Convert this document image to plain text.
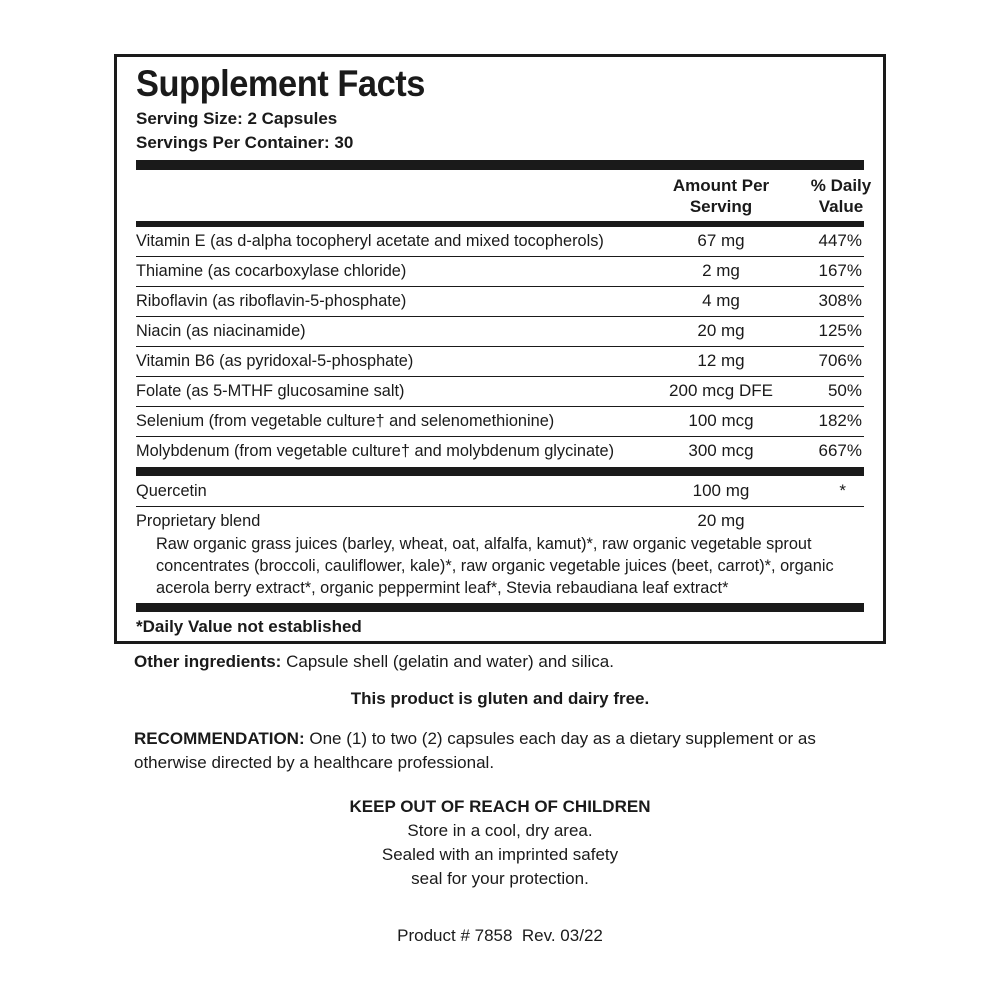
Supplement Facts
Serving Size: 2 Capsules
Servings Per Container: 30
Amount Per
Serving
% Daily
Value
Vitamin E (as d-alpha tocopheryl acetate and mixed tocopherols)	67 mg	447%
Thiamine (as cocarboxylase chloride)	2 mg	167%
Riboflavin (as riboflavin-5-phosphate)	4 mg	308%
Niacin (as niacinamide)	20 mg	125%
Vitamin B6 (as pyridoxal-5-phosphate)	12 mg	706%
Folate (as 5-MTHF glucosamine salt)	200 mcg DFE	50%
Selenium (from vegetable culture† and selenomethionine)	100 mcg	182%
Molybdenum (from vegetable culture† and molybdenum glycinate)	300 mcg	667%
Quercetin	100 mg	*
Proprietary blend	20 mg
Raw organic grass juices (barley, wheat, oat, alfalfa, kamut)*, raw organic vegetable sprout
concentrates (broccoli, cauliflower, kale)*, raw organic vegetable juices (beet, carrot)*, organic
acerola berry extract*, organic peppermint leaf*, Stevia rebaudiana leaf extract*
*Daily Value not established
Other ingredients: Capsule shell (gelatin and water) and silica.
This product is gluten and dairy free.
RECOMMENDATION: One (1) to two (2) capsules each day as a dietary supplement or as
otherwise directed by a healthcare professional.
KEEP OUT OF REACH OF CHILDREN
Store in a cool, dry area.
Sealed with an imprinted safety
seal for your protection.
Product # 7858  Rev. 03/22
